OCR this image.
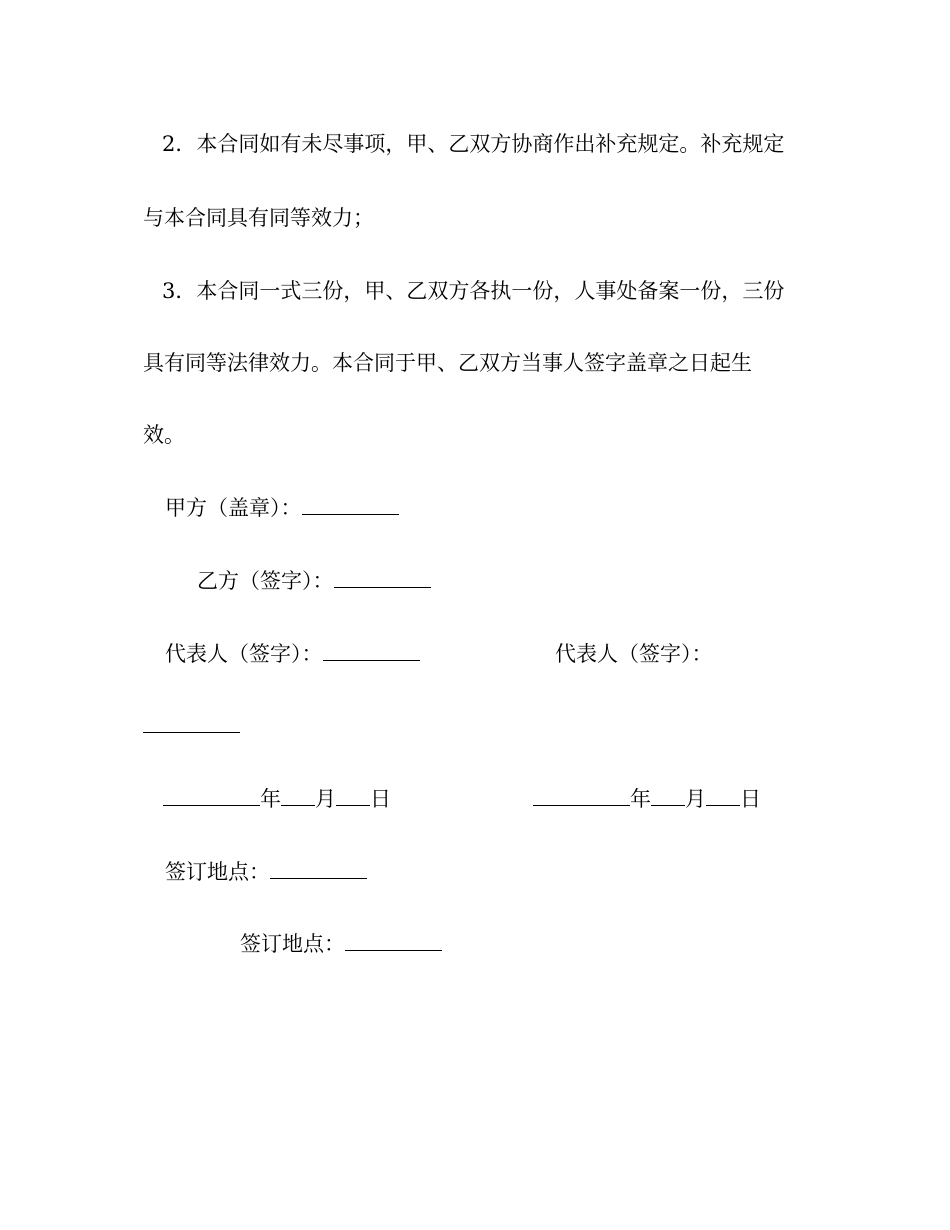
2．本合同如有未尽事项，甲、乙双方协商作出补充规定。补充规定
与本合同具有同等效力；
3．本合同一式三份，甲、乙双方各执一份，人事处备案一份，三份
具有同等法律效力。本合同于甲、乙双方当事人签字盖章之日起生
效。
甲方（盖章）：
乙方（签字）：
代表人（签字）：	代表人（签字）：
年 月 日	年 月 日
签订地点：
签订地点：
